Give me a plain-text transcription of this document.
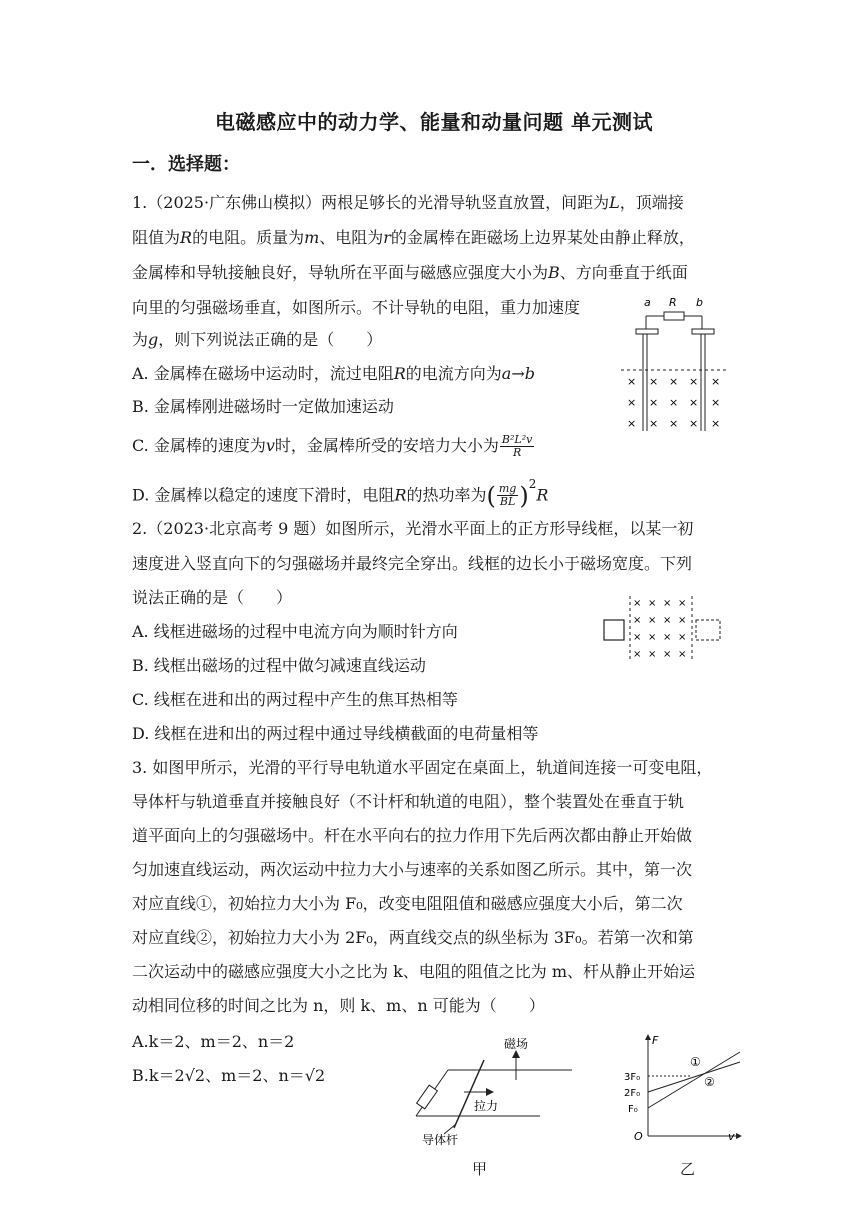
电磁感应中的动力学、能量和动量问题 单元测试
一．选择题：
1.（2025·广东佛山模拟）两根足够长的光滑导轨竖直放置，间距为L，顶端接
阻值为R的电阻。质量为m、电阻为r的金属棒在距磁场上边界某处由静止释放，
金属棒和导轨接触良好，导轨所在平面与磁感应强度大小为B、方向垂直于纸面
向里的匀强磁场垂直，如图所示。不计导轨的电阻，重力加速度
为g，则下列说法正确的是（　　）
A. 金属棒在磁场中运动时，流过电阻R的电流方向为a→b
B. 金属棒刚进磁场时一定做加速运动
C. 金属棒的速度为v时，金属棒所受的安培力大小为 $\frac{\text{B²L²v}}{R}$
D. 金属棒以稳定的速度下滑时，电阻R的热功率为( $\frac{mg}{BL} )^2R$
a R b
× × × × ×
× × × × ×
× × × × ×
2.（2023·北京高考 9 题）如图所示，光滑水平面上的正方形导线框，以某一初
速度进入竖直向下的匀强磁场并最终完全穿出。线框的边长小于磁场宽度。下列
说法正确的是（　　）
A. 线框进磁场的过程中电流方向为顺时针方向
B. 线框出磁场的过程中做匀减速直线运动
C. 线框在进和出的两过程中产生的焦耳热相等
D. 线框在进和出的两过程中通过导线横截面的电荷量相等
× × × ×
× × × ×
× × × ×
× × × ×
3. 如图甲所示，光滑的平行导电轨道水平固定在桌面上，轨道间连接一可变电阻，
导体杆与轨道垂直并接触良好（不计杆和轨道的电阻），整个装置处在垂直于轨
道平面向上的匀强磁场中。杆在水平向右的拉力作用下先后两次都由静止开始做
匀加速直线运动，两次运动中拉力大小与速率的关系如图乙所示。其中，第一次
对应直线①，初始拉力大小为 F₀，改变电阻阻值和磁感应强度大小后，第二次
对应直线②，初始拉力大小为 2F₀，两直线交点的纵坐标为 3F₀。若第一次和第
二次运动中的磁感应强度大小之比为 k、电阻的阻值之比为 m、杆从静止开始运
动相同位移的时间之比为 n，则 k、m、n 可能为（　　）
A.k＝2、m＝2、n＝2
B.k＝2√2、m＝2、n＝√2
磁场
拉力
导体杆
甲
F
v
O
3F₀
2F₀
F₀
①
②
乙
